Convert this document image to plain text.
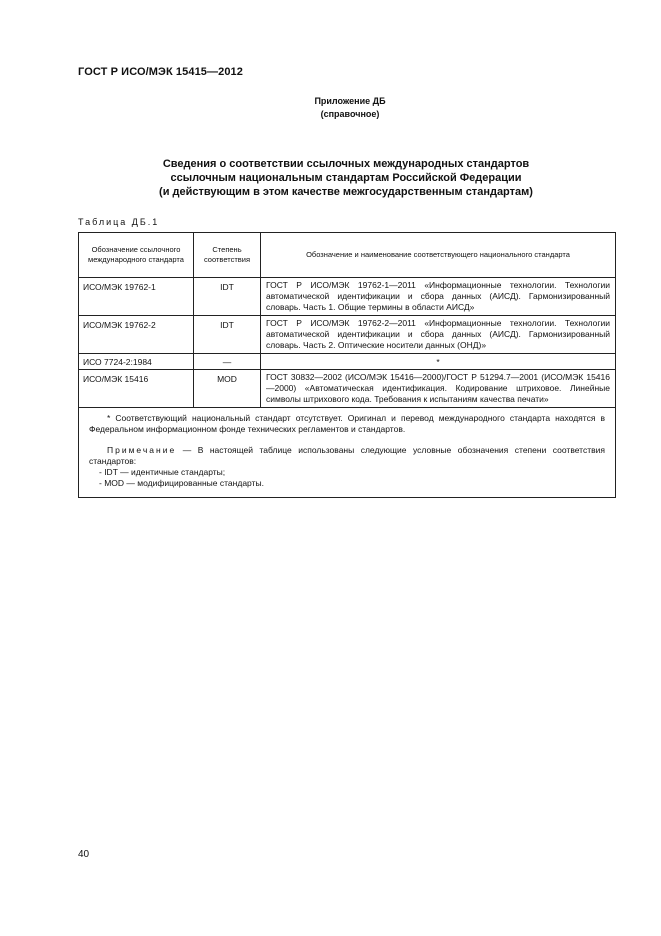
ГОСТ Р ИСО/МЭК 15415—2012
Приложение ДБ
(справочное)
Сведения о соответствии ссылочных международных стандартов
ссылочным национальным стандартам Российской Федерации
(и действующим в этом качестве межгосударственным стандартам)
Таблица ДБ.1
Обозначение ссылочного международного стандарта	Степень соответствия	Обозначение и наименование соответствующего национального стандарта
ИСО/МЭК 19762-1	IDT	ГОСТ Р ИСО/МЭК 19762-1—2011 «Информационные технологии. Технологии автоматической идентификации и сбора данных (АИСД). Гармонизированный словарь. Часть 1. Общие термины в области АИСД»
ИСО/МЭК 19762-2	IDT	ГОСТ Р ИСО/МЭК 19762-2—2011 «Информационные технологии. Технологии автоматической идентификации и сбора данных (АИСД). Гармонизированный словарь. Часть 2. Оптические носители данных (ОНД)»
ИСО 7724-2:1984	—	*
ИСО/МЭК 15416	MOD	ГОСТ 30832—2002 (ИСО/МЭК 15416—2000)/ГОСТ Р 51294.7—2001 (ИСО/МЭК 15416—2000) «Автоматическая идентификация. Кодирование штриховое. Линейные символы штрихового кода. Требования к испытаниям качества печати»

* Соответствующий национальный стандарт отсутствует. Оригинал и перевод международного стандарта находятся в Федеральном информационном фонде технических регламентов и стандартов.

Примечание — В настоящей таблице использованы следующие условные обозначения степени соответствия стандартов:

- IDT — идентичные стандарты;
- MOD — модифицированные стандарты.		
40
